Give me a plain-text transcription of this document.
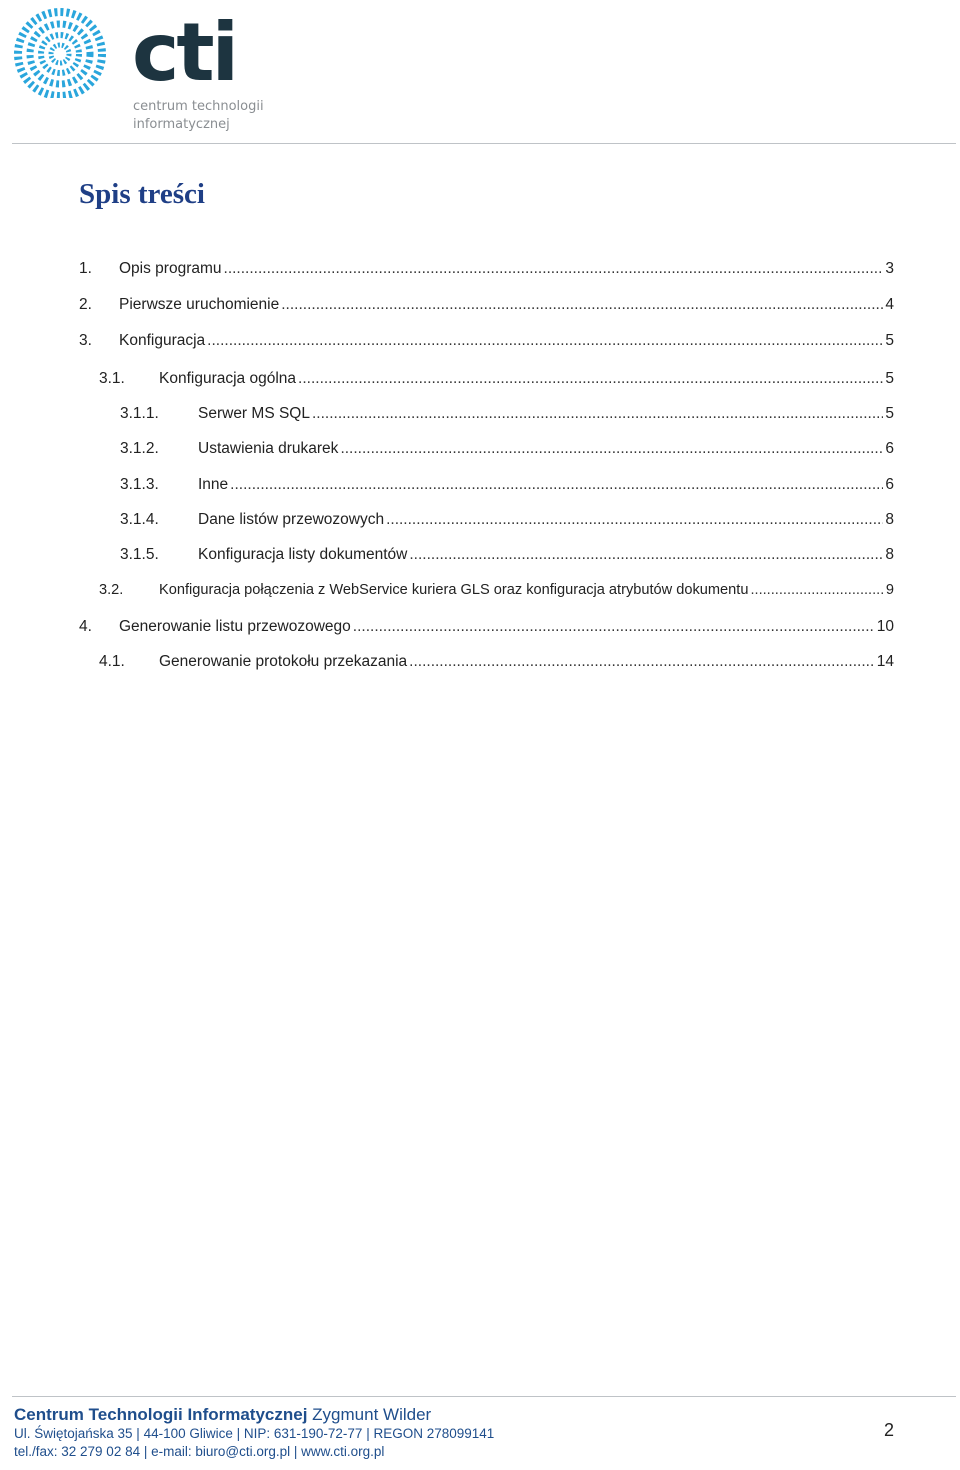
cti
centrum technologii
informatycznej
Spis treści
1.	Opis programu .....	3
2.	Pierwsze uruchomienie .....	4
3.	Konfiguracja .....	5
3.1.	Konfiguracja ogólna .....	5
3.1.1.	Serwer MS SQL .....	5
3.1.2.	Ustawienia drukarek .....	6
3.1.3.	Inne .....	6
3.1.4.	Dane listów przewozowych .....	8
3.1.5.	Konfiguracja listy dokumentów .....	8
3.2.	Konfiguracja połączenia z WebService kuriera GLS oraz konfiguracja atrybutów dokumentu .....	9
4.	Generowanie listu przewozowego .....	10
4.1.	Generowanie protokołu przekazania .....	14
Centrum Technologii Informatycznej Zygmunt Wilder
Ul. Świętojańska 35 | 44-100 Gliwice | NIP: 631-190-72-77 | REGON 278099141
tel./fax: 32 279 02 84 | e-mail: biuro@cti.org.pl | www.cti.org.pl
2
